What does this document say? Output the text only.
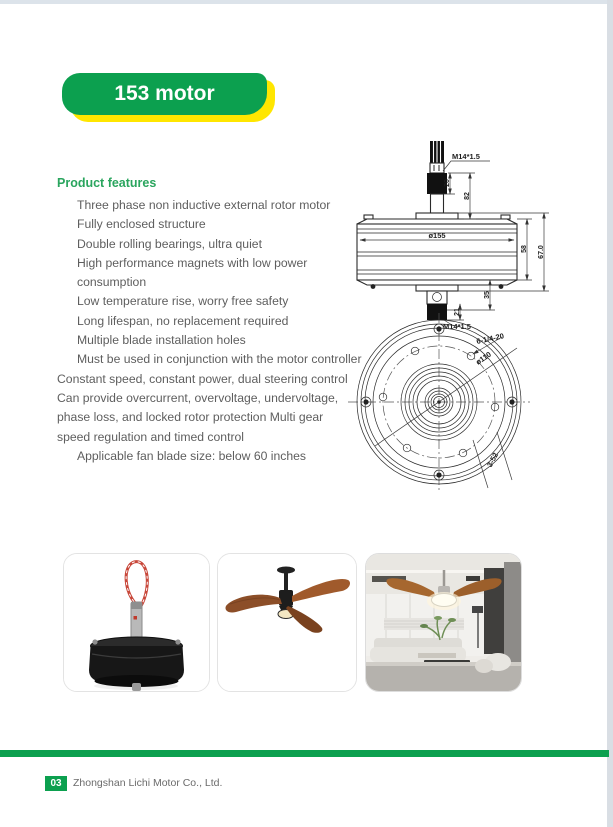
153 motor
Product features
Three phase non inductive external rotor motor
Fully enclosed structure
Double rolling bearings, ultra quiet
High performance magnets with low power
consumption
Low temperature rise, worry free safety
Long lifespan, no replacement required
Multiple blade installation holes
Must be used in conjunction with the motor controller
Constant speed, constant power, dual steering control
Can provide overcurrent, overvoltage, undervoltage,
phase loss, and locked rotor protection Multi gear
speed regulation and timed control
Applicable fan blade size: below 60 inches
M14*1.5
20
82
ø155
58 67.0
35
21
M14*1.5
6-1/4-20
ø110
3-52
03	Zhongshan Lichi Motor Co., Ltd.
